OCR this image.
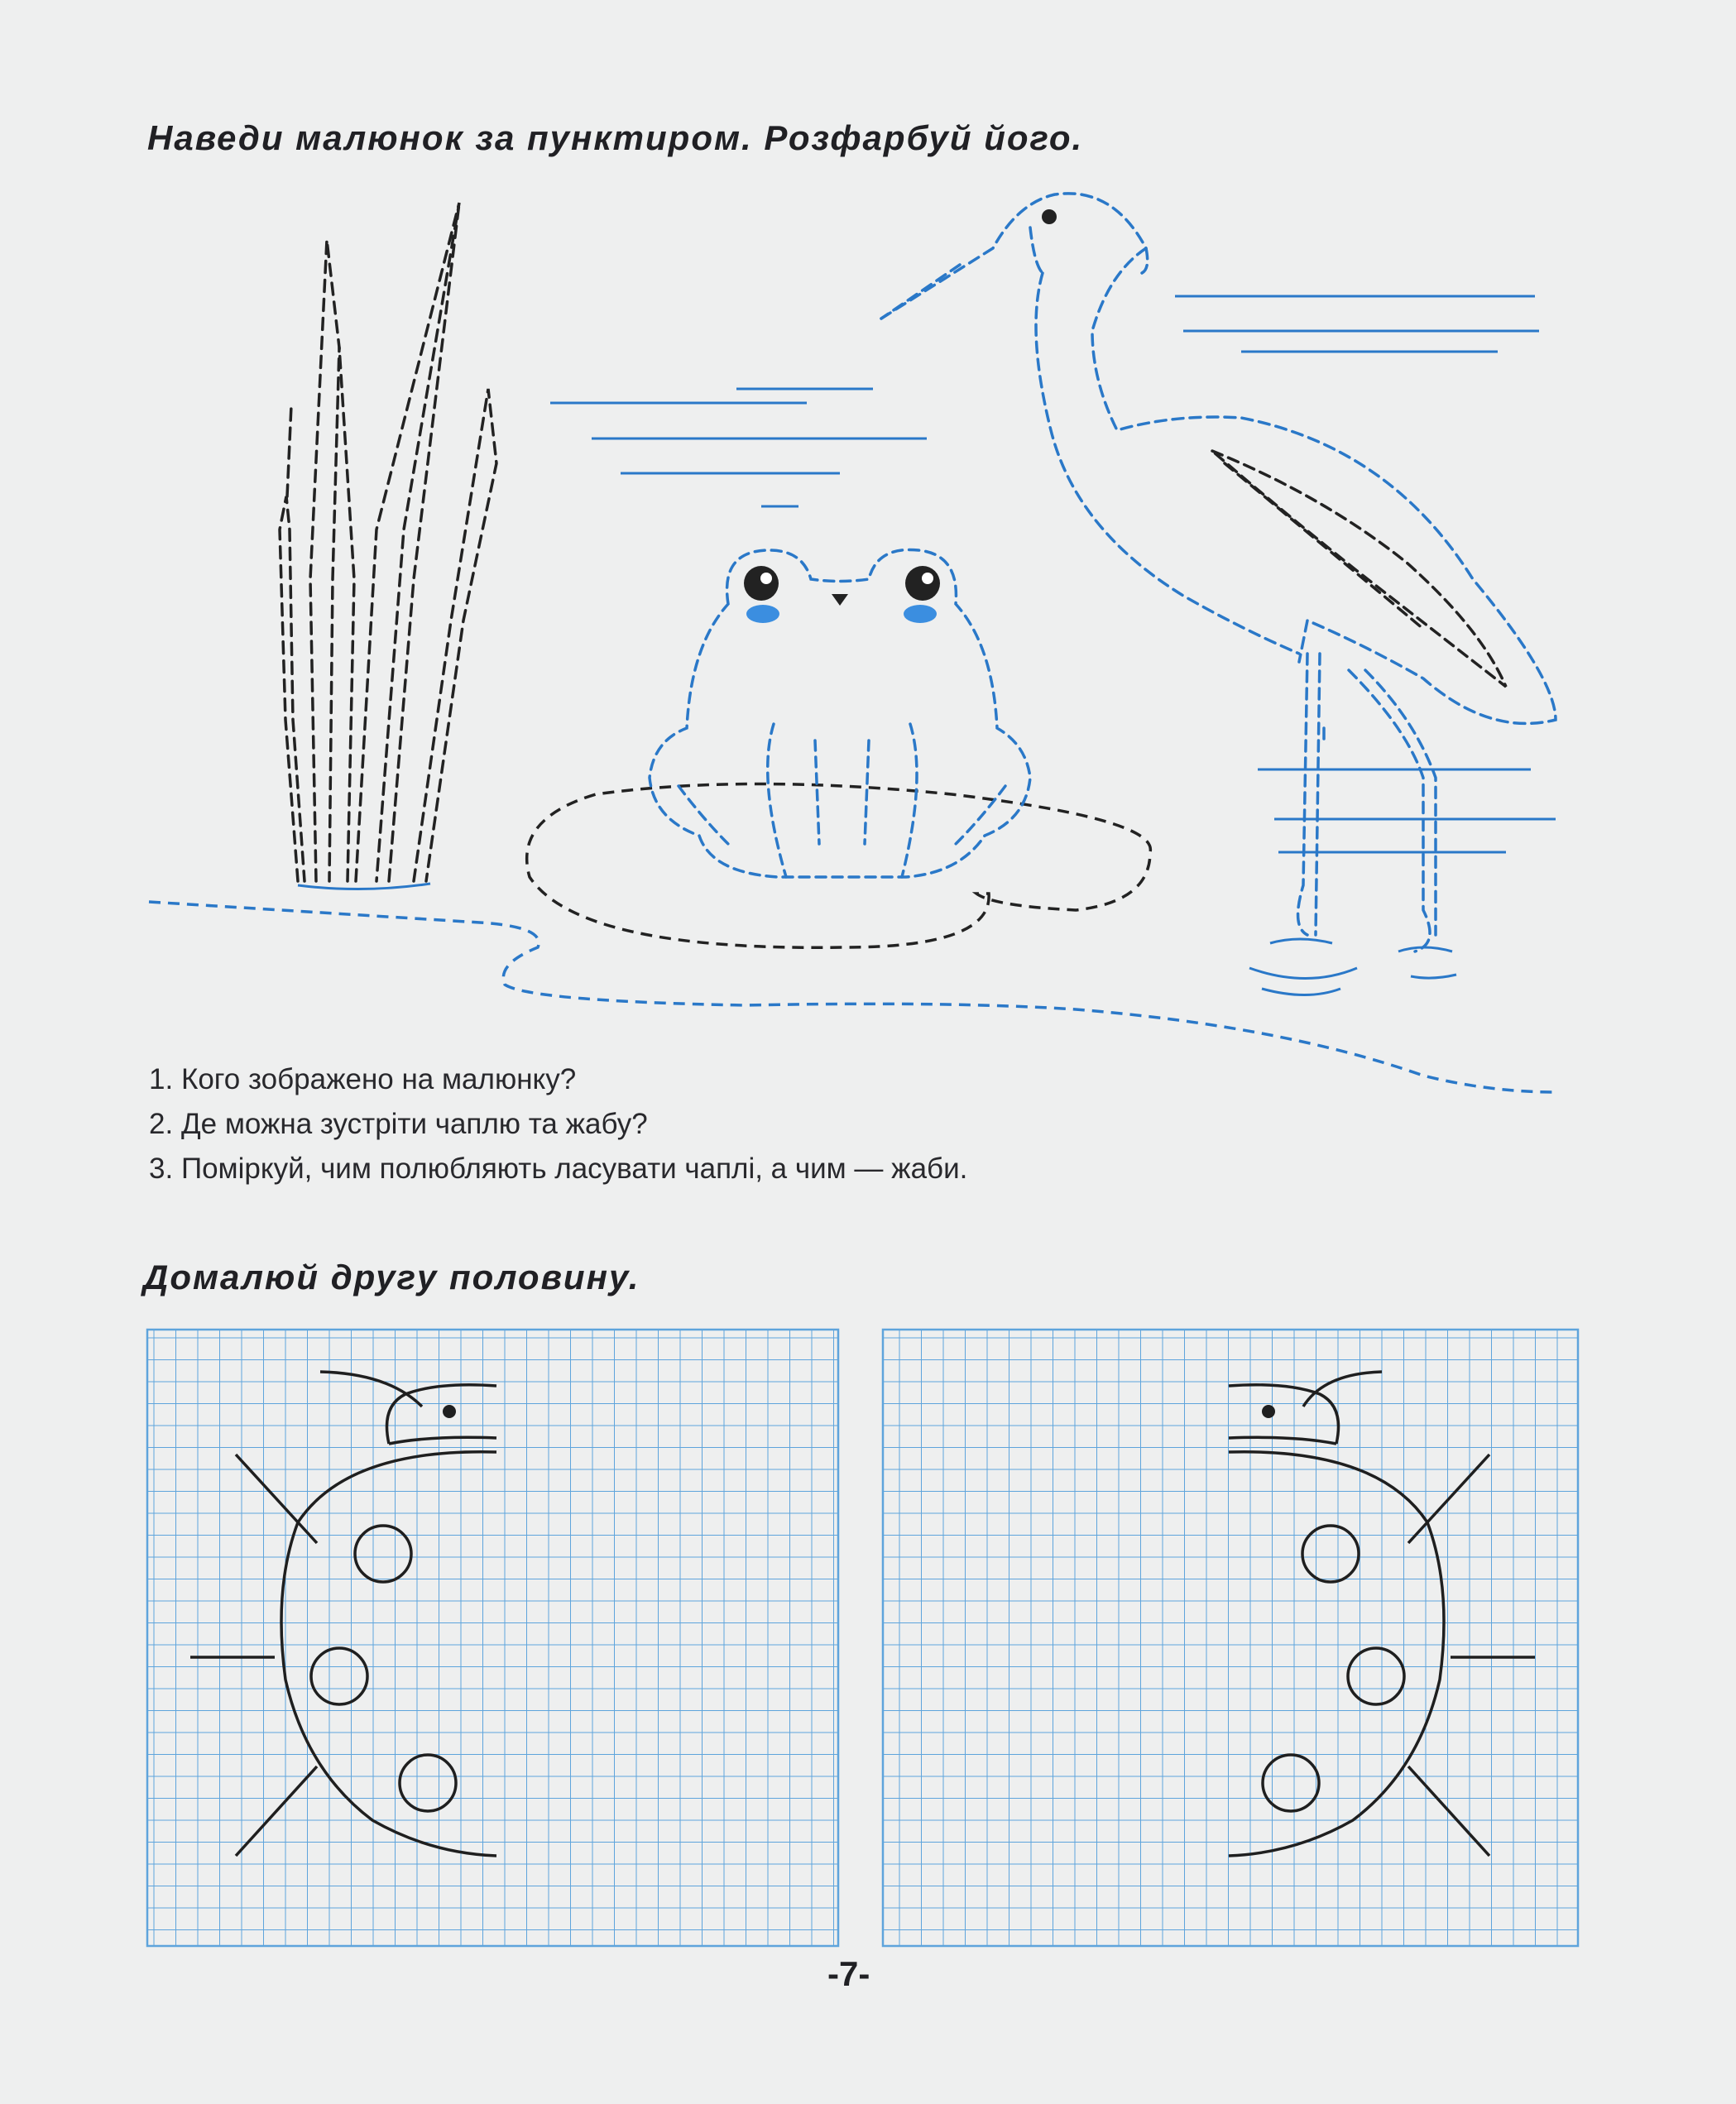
Наведи малюнок за пунктиром. Розфарбуй його.
1. Кого зображено на малюнку?
2. Де можна зустріти чаплю та жабу?
3. Поміркуй, чим полюбляють ласувати чаплі, а чим — жаби.
Домалюй другу половину.
-7-
